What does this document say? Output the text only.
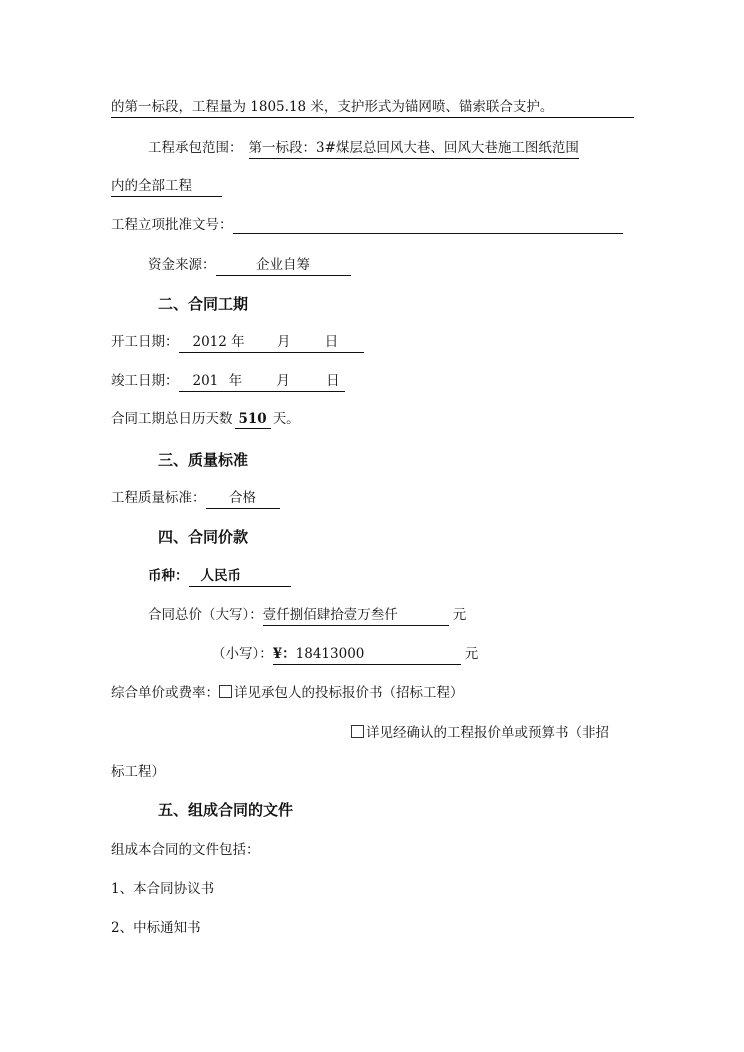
的第一标段，工程量为 1805.18 米，支护形式为锚网喷、锚索联合支护。
工程承包范围： 第一标段：3#煤层总回风大巷、回风大巷施工图纸范围
内的全部工程
工程立项批准文号：
资金来源：	企业自筹
二、合同工期
开工日期： 2012 年 月	日
竣工日期： 201 年	月	日
合同工期总日历天数 510 天。
三、质量标准
工程质量标准： 合格
四、合同价款
币种： 人民币
合同总价（大写）：壹仟捌佰肆拾壹万叁仟	元
（小写）：¥：18413000	元
综合单价或费率： 详见承包人的投标报价书（招标工程）
详见经确认的工程报价单或预算书（非招
标工程）
五、组成合同的文件
组成本合同的文件包括：
1、本合同协议书
2、中标通知书
